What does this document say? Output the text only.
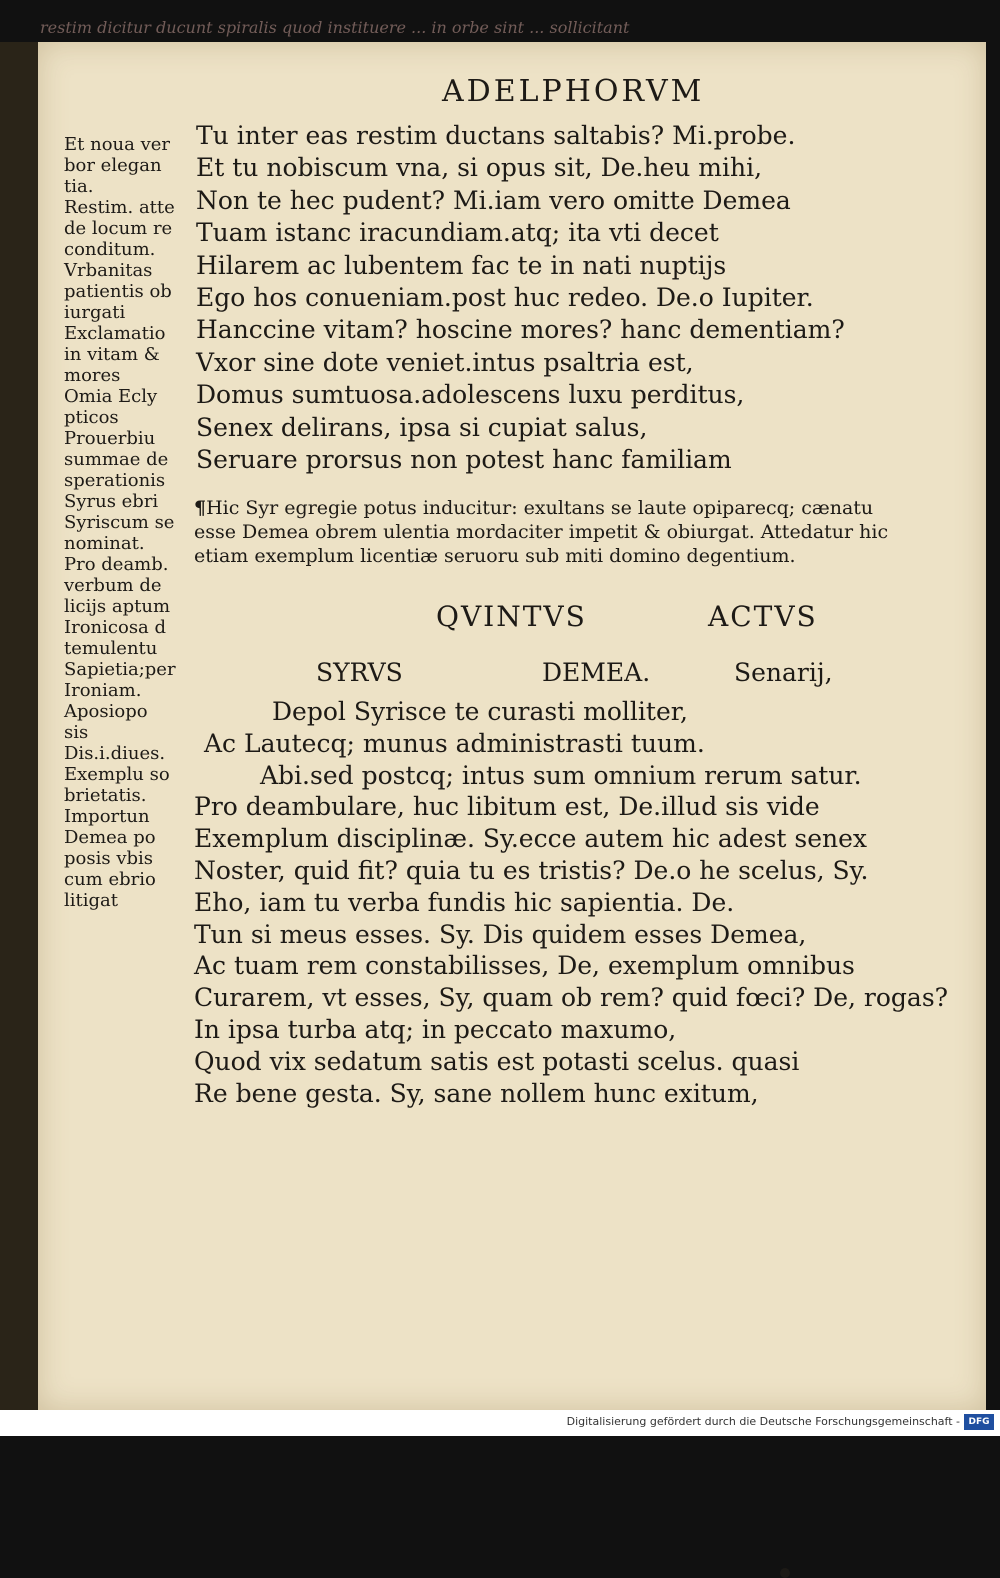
restim dicitur ducunt spiralis quod instituere ... in orbe sint ... sollicitant
ADELPHORVM
Et noua ver
bor elegan
tia.
Restim. atte
de locum re
conditum.
Vrbanitas
patientis ob
iurgati
Exclamatio
in vitam &
mores
Omia Ecly
pticos
Prouerbiu
summae de
sperationis
Syrus ebri
Syriscum se
nominat.
Pro deamb.
verbum de
licijs aptum
Ironicosa d
temulentu
Sapietia;per
Ironiam.
Aposiopo
sis
Dis.i.diues.
Exemplu so
brietatis.
Importun
Demea po
posis vbis
cum ebrio
litigat
Tu inter eas restim ductans saltabis? Mi.probe.
Et tu nobiscum vna, si opus sit, De.heu mihi,
Non te hec pudent? Mi.iam vero omitte Demea
Tuam istanc iracundiam.atq; ita vti decet
Hilarem ac lubentem fac te in nati nuptijs
Ego hos conueniam.post huc redeo. De.o Iupiter.
Hanccine vitam? hoscine mores? hanc dementiam?
Vxor sine dote veniet.intus psaltria est,
Domus sumtuosa.adolescens luxu perditus,
Senex delirans, ipsa si cupiat salus,
Seruare prorsus non potest hanc familiam
¶Hic Syr egregie potus inducitur: exultans se laute opiparecq; cænatu
esse Demea obrem ulentia mordaciter impetit & obiurgat. Attedatur hic
etiam exemplum licentiæ seruoru sub miti domino degentium.
QVINTVS	ACTVS
SYRVS	DEMEA.	Senarij,
Depol Syrisce te curasti molliter,
Ac Lautecq; munus administrasti tuum.
Abi.sed postcq; intus sum omnium rerum satur.
Pro deambulare, huc libitum est, De.illud sis vide
Exemplum disciplinæ. Sy.ecce autem hic adest senex
Noster, quid fit? quia tu es tristis? De.o he scelus, Sy.
Eho, iam tu verba fundis hic sapientia. De.
Tun si meus esses. Sy. Dis quidem esses Demea,
Ac tuam rem constabilisses, De, exemplum omnibus
Curarem, vt esses, Sy, quam ob rem? quid fœci? De, rogas?
In ipsa turba atq; in peccato maxumo,
Quod vix sedatum satis est potasti scelus. quasi
Re bene gesta. Sy, sane nollem hunc exitum,
Digitalisierung gefördert durch die Deutsche Forschungsgemeinschaft - DFG
